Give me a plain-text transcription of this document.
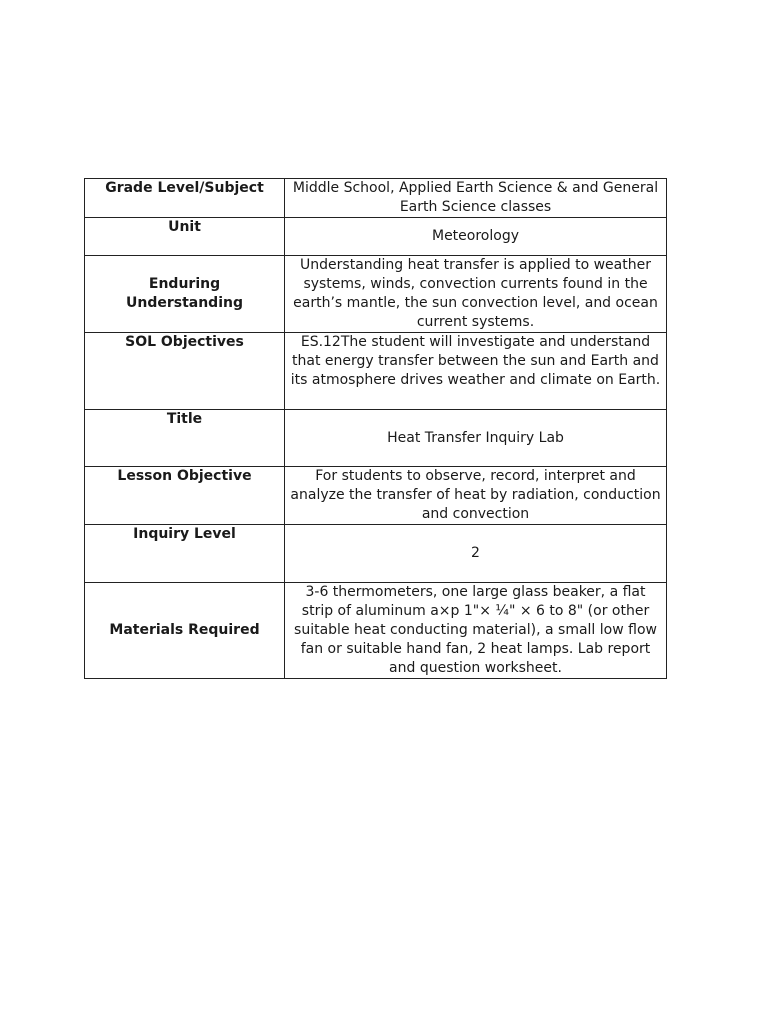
Grade Level/Subject	Middle School, Applied Earth Science & and General Earth Science classes
Unit	Meteorology
Enduring Understanding	Understanding heat transfer is applied to weather systems, winds, convection currents found in the earth’s mantle, the sun convection level, and ocean current systems.
SOL Objectives	ES.12The student will investigate and understand that energy transfer between the sun and Earth and its atmosphere drives weather and climate on Earth.
Title	Heat Transfer Inquiry Lab
Lesson Objective	For students to observe, record, interpret and analyze the transfer of heat by radiation, conduction and convection
Inquiry Level	2
Materials Required	3-6 thermometers, one large glass beaker, a flat strip of aluminum a×p 1"× ¼" × 6 to 8" (or other suitable heat conducting material), a small low flow fan or suitable hand fan, 2 heat lamps. Lab report and question worksheet.
